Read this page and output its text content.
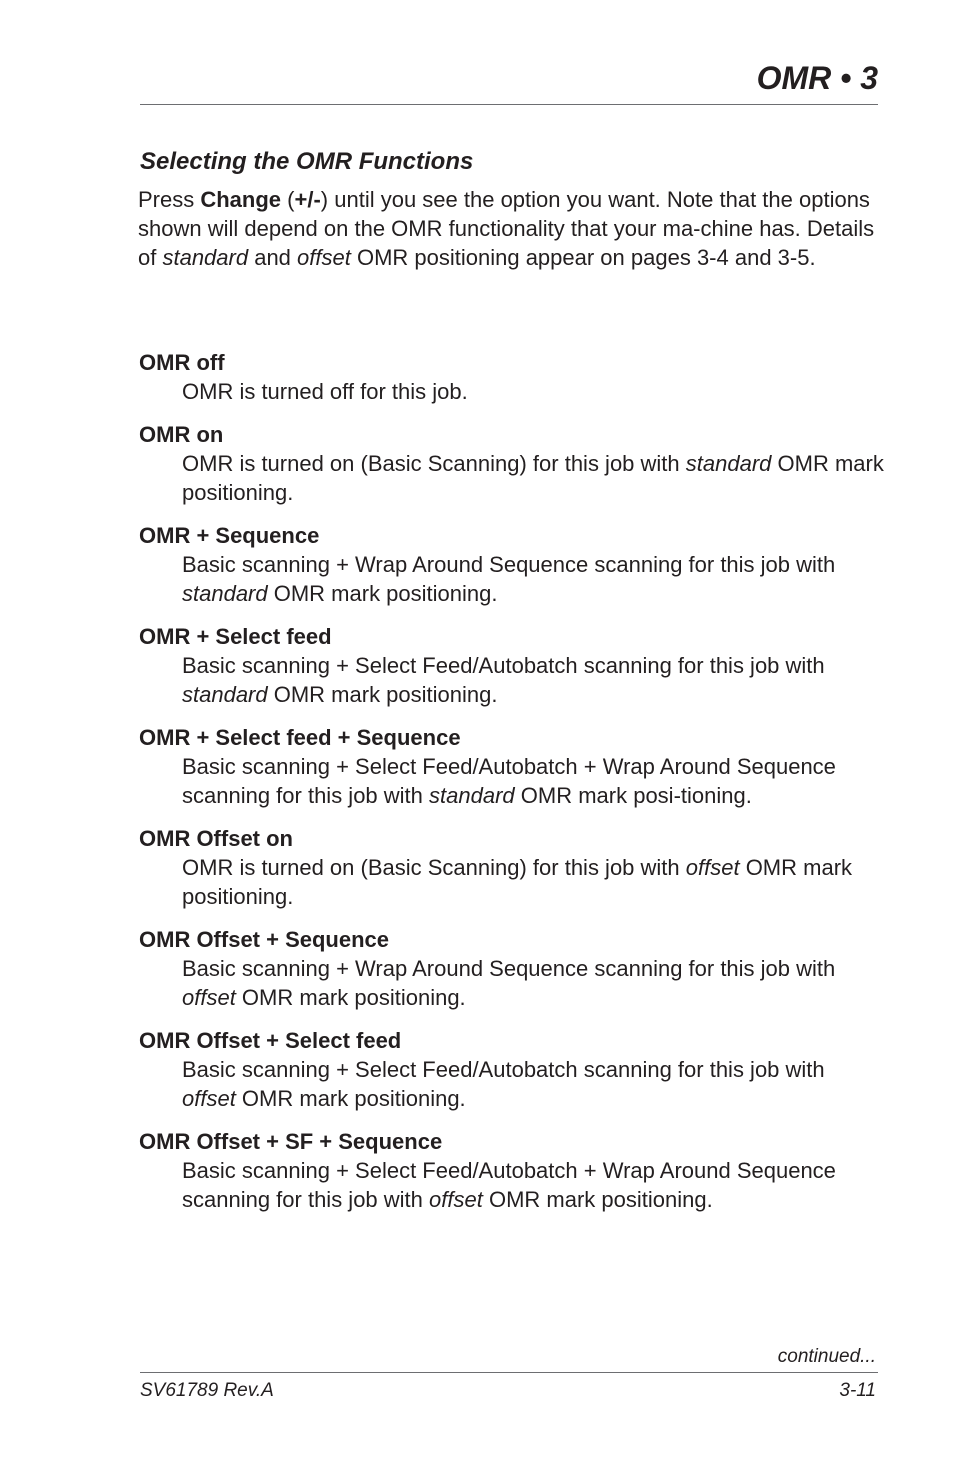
OMR • 3
Selecting the OMR Functions

Press Change (+/-) until you see the option you want. Note that the options shown will depend on the OMR functionality that your ma-chine has. Details of standard and offset OMR positioning appear on pages 3-4 and 3-5.

OMR off
OMR is turned off for this job.
OMR on
OMR is turned on (Basic Scanning) for this job with standard OMR mark positioning.
OMR + Sequence
Basic scanning + Wrap Around Sequence scanning for this job with standard OMR mark positioning.
OMR + Select feed
Basic scanning + Select Feed/Autobatch scanning for this job with standard OMR mark positioning.
OMR + Select feed + Sequence
Basic scanning + Select Feed/Autobatch + Wrap Around Sequence scanning for this job with standard OMR mark posi-tioning.
OMR Offset on
OMR is turned on (Basic Scanning) for this job with offset OMR mark positioning.
OMR Offset + Sequence
Basic scanning + Wrap Around Sequence scanning for this job with offset OMR mark positioning.
OMR Offset + Select feed
Basic scanning + Select Feed/Autobatch scanning for this job with offset OMR mark positioning.
OMR Offset + SF + Sequence
Basic scanning + Select Feed/Autobatch + Wrap Around Sequence scanning for this job with offset OMR mark positioning.
continued...
SV61789 Rev.A	3-11
